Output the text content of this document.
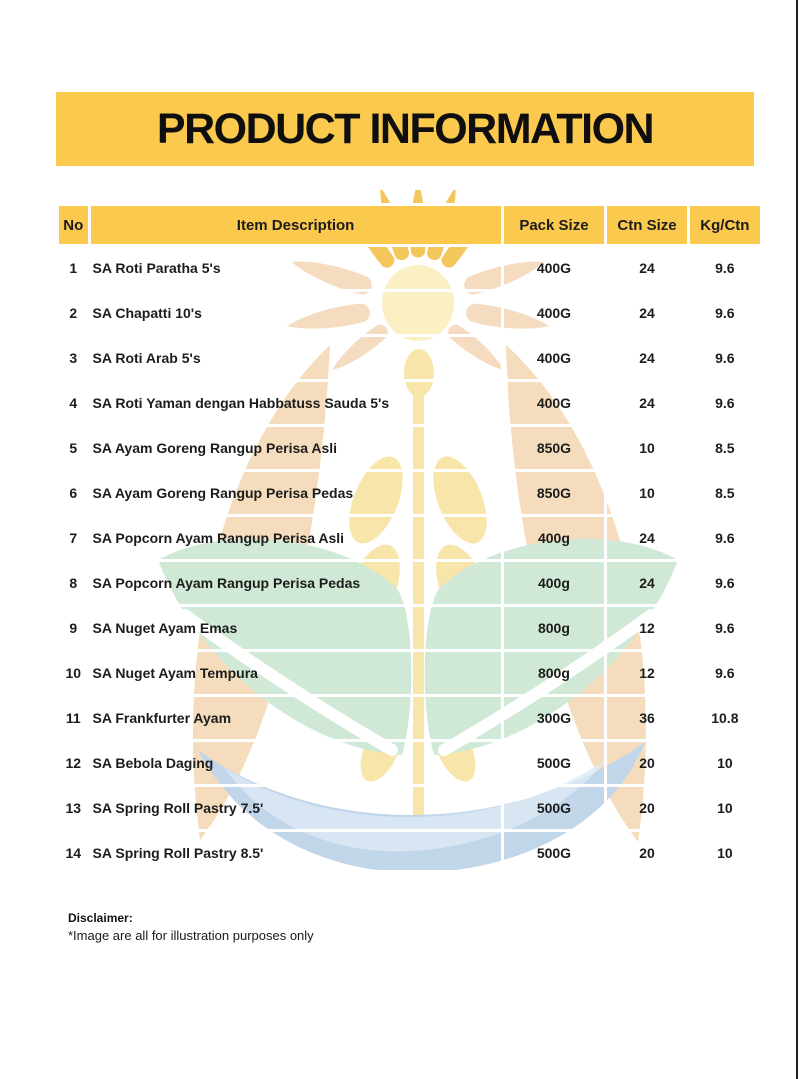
PRODUCT INFORMATION
No	Item Description	Pack Size	Ctn Size	Kg/Ctn
1	SA Roti Paratha 5's	400G	24	9.6
2	SA Chapatti 10's	400G	24	9.6
3	SA Roti Arab 5's	400G	24	9.6
4	SA Roti Yaman dengan Habbatuss Sauda 5's	400G	24	9.6
5	SA Ayam Goreng Rangup Perisa Asli	850G	10	8.5
6	SA Ayam Goreng Rangup Perisa Pedas	850G	10	8.5
7	SA Popcorn Ayam Rangup Perisa Asli	400g	24	9.6
8	SA Popcorn Ayam Rangup Perisa Pedas	400g	24	9.6
9	SA Nuget Ayam Emas	800g	12	9.6
10	SA Nuget Ayam Tempura	800g	12	9.6
11	SA Frankfurter Ayam	300G	36	10.8
12	SA Bebola Daging	500G	20	10
13	SA Spring Roll Pastry 7.5'	500G	20	10
14	SA Spring Roll Pastry 8.5'	500G	20	10
Disclaimer:
*Image are all for illustration purposes only
